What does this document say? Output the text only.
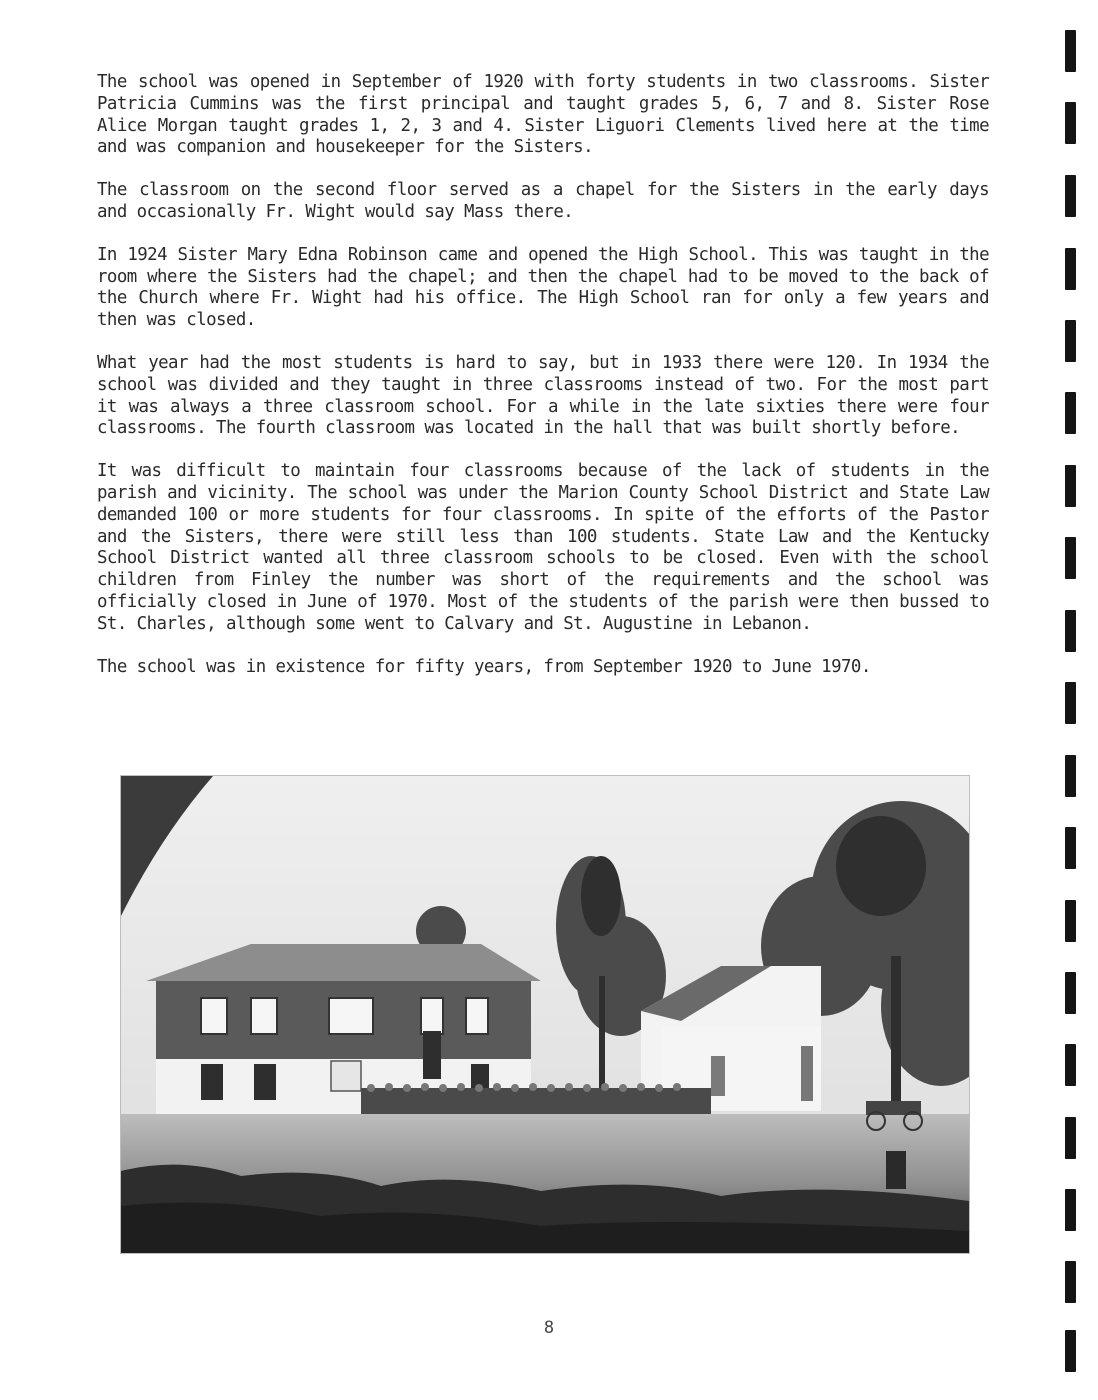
The school was opened in September of 1920 with forty students in two classrooms. Sister Patricia Cummins was the first principal and taught grades 5, 6, 7 and 8. Sister Rose Alice Morgan taught grades 1, 2, 3 and 4. Sister Liguori Clements lived here at the time and was companion and housekeeper for the Sisters.

The classroom on the second floor served as a chapel for the Sisters in the early days and occasionally Fr. Wight would say Mass there.

In 1924 Sister Mary Edna Robinson came and opened the High School. This was taught in the room where the Sisters had the chapel; and then the chapel had to be moved to the back of the Church where Fr. Wight had his office. The High School ran for only a few years and then was closed.

What year had the most students is hard to say, but in 1933 there were 120. In 1934 the school was divided and they taught in three classrooms instead of two. For the most part it was always a three classroom school. For a while in the late sixties there were four classrooms. The fourth classroom was located in the hall that was built shortly before.

It was difficult to maintain four classrooms because of the lack of students in the parish and vicinity. The school was under the Marion County School District and State Law demanded 100 or more students for four classrooms. In spite of the efforts of the Pastor and the Sisters, there were still less than 100 students. State Law and the Kentucky School District wanted all three classroom schools to be closed. Even with the school children from Finley the number was short of the requirements and the school was officially closed in June of 1970. Most of the students of the parish were then bussed to St. Charles, although some went to Calvary and St. Augustine in Lebanon.

The school was in existence for fifty years, from September 1920 to June 1970.

8
